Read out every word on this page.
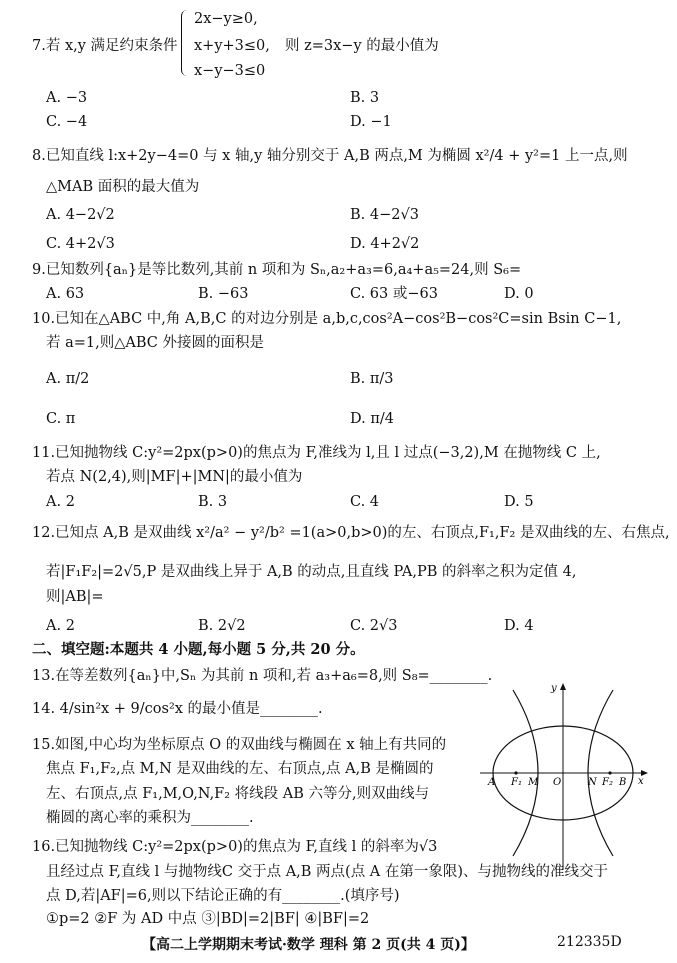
7.若 x,y 满足约束条件
2x−y≥0,
x+y+3≤0,
x−y−3≤0
则 z=3x−y 的最小值为
A. −3	B. 3
C. −4	D. −1
8.已知直线 l:x+2y−4=0 与 x 轴,y 轴分别交于 A,B 两点,M 为椭圆 x²/4 + y²=1 上一点,则
△MAB 面积的最大值为
A. 4−2√2	B. 4−2√3
C. 4+2√3	D. 4+2√2
9.已知数列{aₙ}是等比数列,其前 n 项和为 Sₙ,a₂+a₃=6,a₄+a₅=24,则 S₆=
A. 63	B. −63	C. 63 或−63	D. 0
10.已知在△ABC 中,角 A,B,C 的对边分别是 a,b,c,cos²A−cos²B−cos²C=sin Bsin C−1,
若 a=1,则△ABC 外接圆的面积是
A. π/2	B. π/3
C. π	D. π/4
11.已知抛物线 C:y²=2px(p>0)的焦点为 F,准线为 l,且 l 过点(−3,2),M 在抛物线 C 上,
若点 N(2,4),则|MF|+|MN|的最小值为
A. 2	B. 3	C. 4	D. 5
12.已知点 A,B 是双曲线 x²/a² − y²/b² =1(a>0,b>0)的左、右顶点,F₁,F₂ 是双曲线的左、右焦点,
若|F₁F₂|=2√5,P 是双曲线上异于 A,B 的动点,且直线 PA,PB 的斜率之积为定值 4,
则|AB|=
A. 2	B. 2√2	C. 2√3	D. 4
二、填空题:本题共 4 小题,每小题 5 分,共 20 分。
13.在等差数列{aₙ}中,Sₙ 为其前 n 项和,若 a₃+a₆=8,则 S₈=________.
14. 4/sin²x + 9/cos²x 的最小值是________.
15.如图,中心均为坐标原点 O 的双曲线与椭圆在 x 轴上有共同的
焦点 F₁,F₂,点 M,N 是双曲线的左、右顶点,点 A,B 是椭圆的
左、右顶点,点 F₁,M,O,N,F₂ 将线段 AB 六等分,则双曲线与
椭圆的离心率的乘积为________.
y
x
A F₁ M O	N F₂ B
16.已知抛物线 C:y²=2px(p>0)的焦点为 F,直线 l 的斜率为√3
且经过点 F,直线 l 与抛物线C 交于点 A,B 两点(点 A 在第一象限)、与抛物线的准线交于
点 D,若|AF|=6,则以下结论正确的有________.(填序号)
①p=2 ②F 为 AD 中点 ③|BD|=2|BF| ④|BF|=2
【高二上学期期末考试·数学 理科 第 2 页(共 4 页)】	212335D
